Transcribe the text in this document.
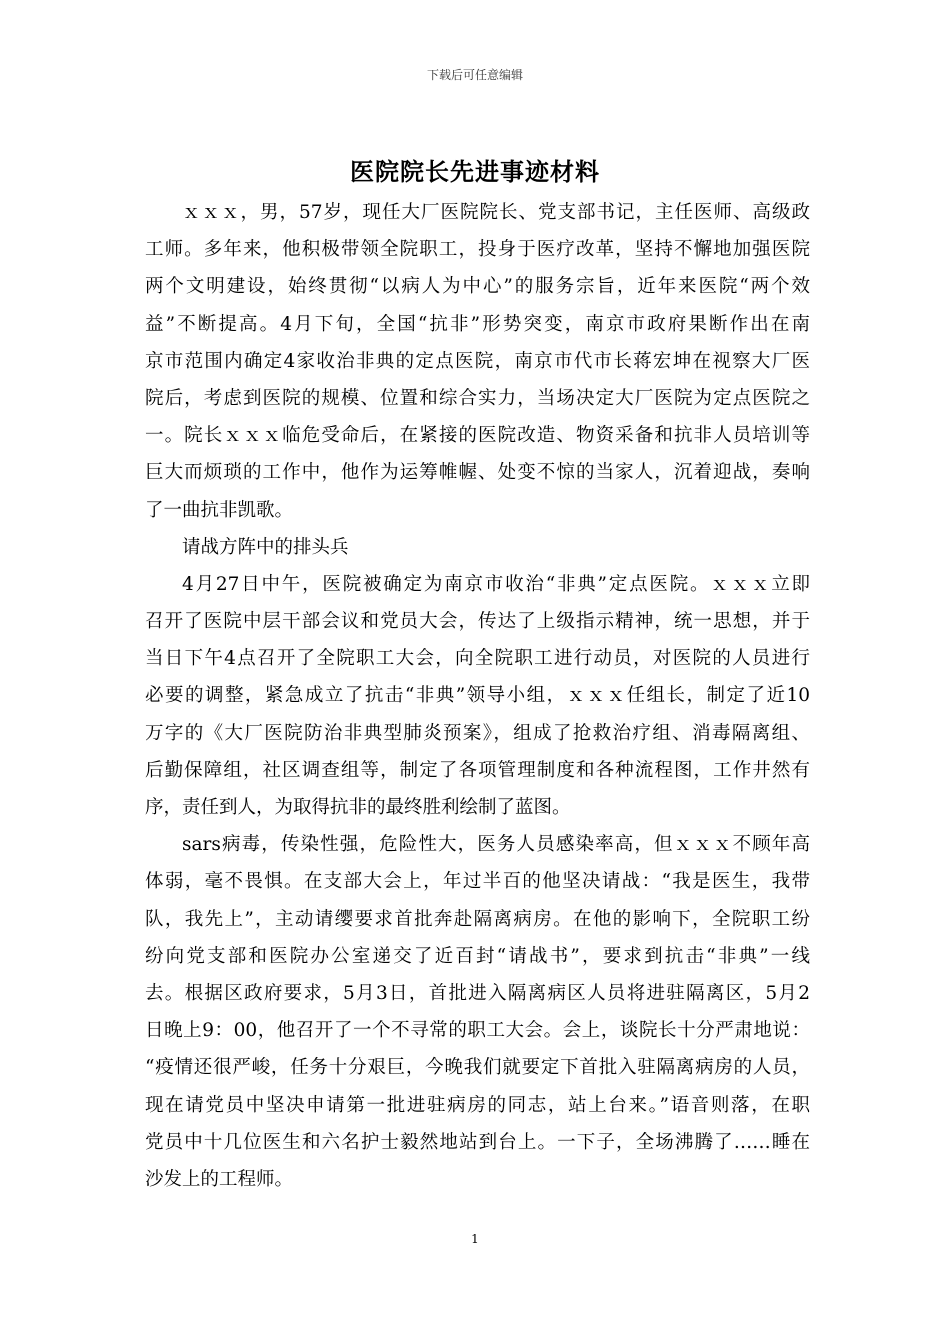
下载后可任意编辑
医院院长先进事迹材料
ｘｘｘ，男，57岁，现任大厂医院院长、党支部书记，主任医师、高级政
工师。多年来，他积极带领全院职工，投身于医疗改革，坚持不懈地加强医院
两个文明建设，始终贯彻“以病人为中心”的服务宗旨，近年来医院“两个效
益”不断提高。4月下旬，全国“抗非”形势突变，南京市政府果断作出在南
京市范围内确定4家收治非典的定点医院，南京市代市长蒋宏坤在视察大厂医
院后，考虑到医院的规模、位置和综合实力，当场决定大厂医院为定点医院之
一。院长ｘｘｘ临危受命后，在紧接的医院改造、物资采备和抗非人员培训等
巨大而烦琐的工作中，他作为运筹帷幄、处变不惊的当家人，沉着迎战，奏响
了一曲抗非凯歌。
请战方阵中的排头兵
4月27日中午，医院被确定为南京市收治“非典”定点医院。ｘｘｘ立即
召开了医院中层干部会议和党员大会，传达了上级指示精神，统一思想，并于
当日下午4点召开了全院职工大会，向全院职工进行动员，对医院的人员进行
必要的调整，紧急成立了抗击“非典”领导小组，ｘｘｘ任组长，制定了近10
万字的《大厂医院防治非典型肺炎预案》，组成了抢救治疗组、消毒隔离组、
后勤保障组，社区调查组等，制定了各项管理制度和各种流程图，工作井然有
序，责任到人，为取得抗非的最终胜利绘制了蓝图。
sars病毒，传染性强，危险性大，医务人员感染率高，但ｘｘｘ不顾年高
体弱，毫不畏惧。在支部大会上，年过半百的他坚决请战：“我是医生，我带
队，我先上”，主动请缨要求首批奔赴隔离病房。在他的影响下，全院职工纷
纷向党支部和医院办公室递交了近百封“请战书”，要求到抗击“非典”一线
去。根据区政府要求，5月3日，首批进入隔离病区人员将进驻隔离区，5月2
日晚上9：00，他召开了一个不寻常的职工大会。会上，谈院长十分严肃地说：
“疫情还很严峻，任务十分艰巨，今晚我们就要定下首批入驻隔离病房的人员，
现在请党员中坚决申请第一批进驻病房的同志，站上台来。”语音则落，在职
党员中十几位医生和六名护士毅然地站到台上。一下子，全场沸腾了……睡在
沙发上的工程师。
1
